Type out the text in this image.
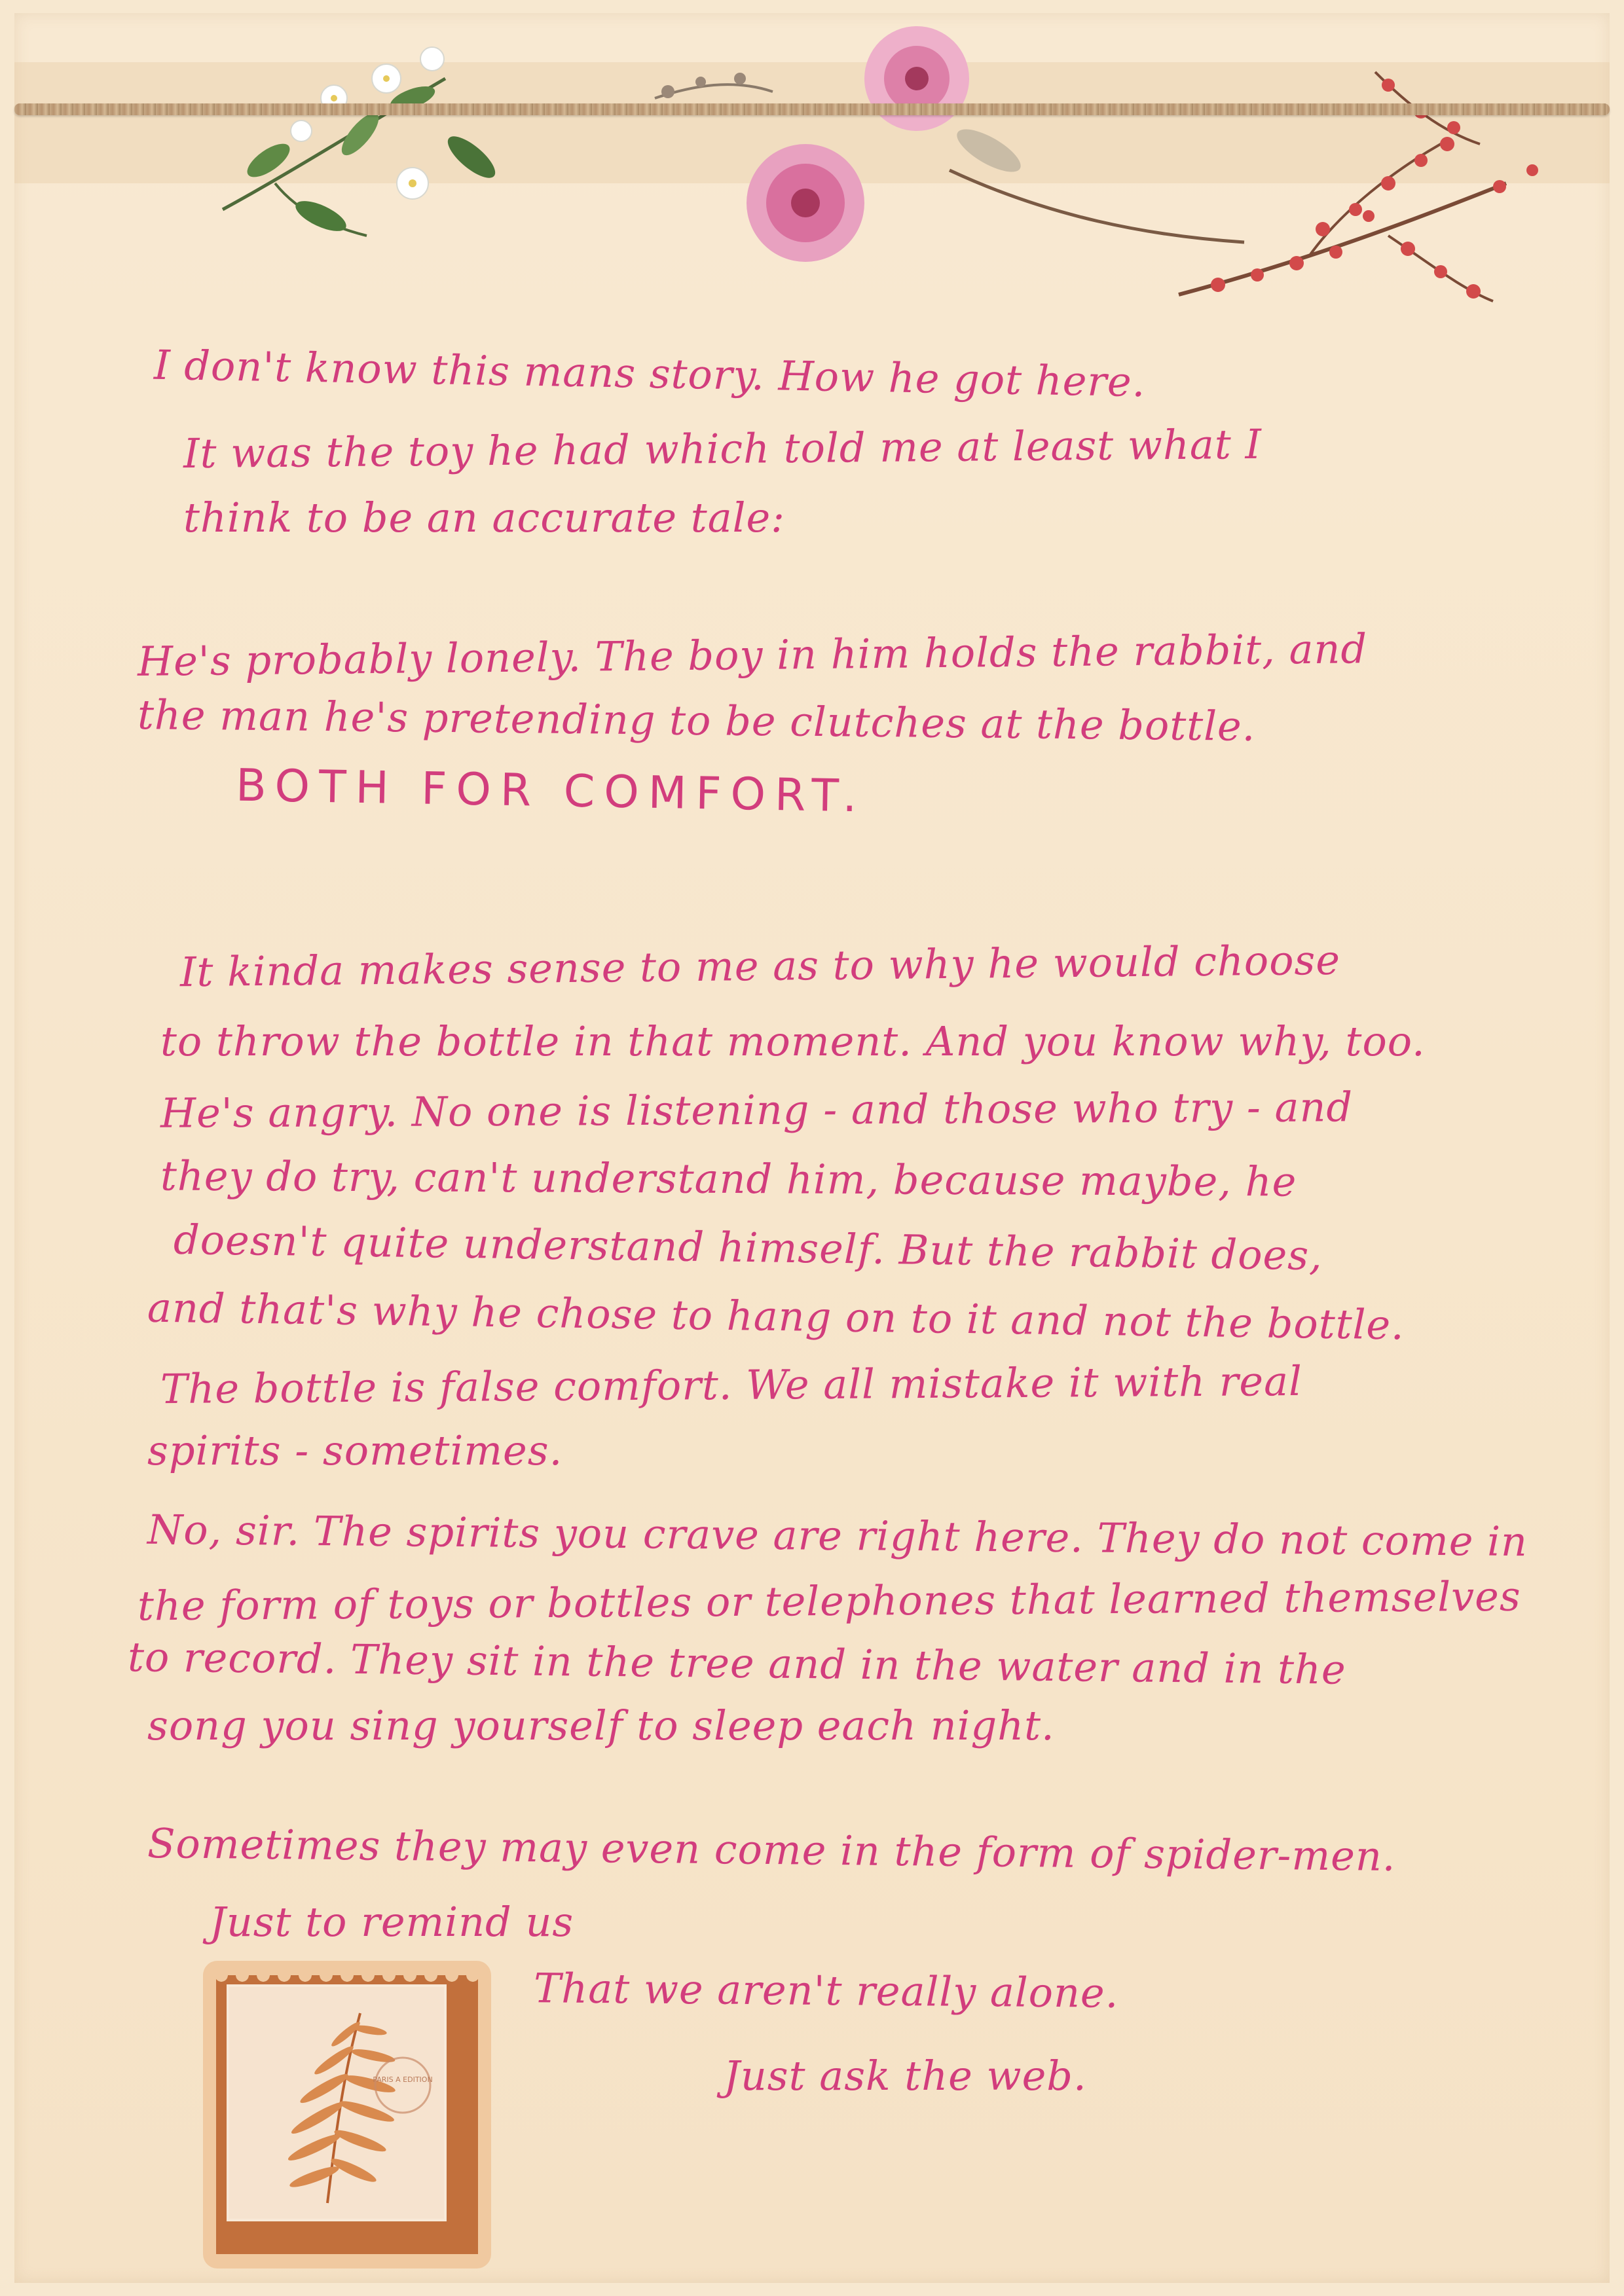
I don't know this mans story. How he got here.
It was the toy he had which told me at least what I
think to be an accurate tale:
He's probably lonely. The boy in him holds the rabbit, and
the man he's pretending to be clutches at the bottle.
BOTH FOR COMFORT.
It kinda makes sense to me as to why he would choose
to throw the bottle in that moment. And you know why, too.
He's angry. No one is listening - and those who try - and
they do try, can't understand him, because maybe, he
doesn't quite understand himself. But the rabbit does,
and that's why he chose to hang on to it and not the bottle.
The bottle is false comfort. We all mistake it with real
spirits - sometimes.
No, sir. The spirits you crave are right here. They do not come in
the form of toys or bottles or telephones that learned themselves
to record. They sit in the tree and in the water and in the
song you sing yourself to sleep each night.
Sometimes they may even come in the form of spider-men.
Just to remind us
That we aren't really alone.
Just ask the web.
PARIS A EDITION
